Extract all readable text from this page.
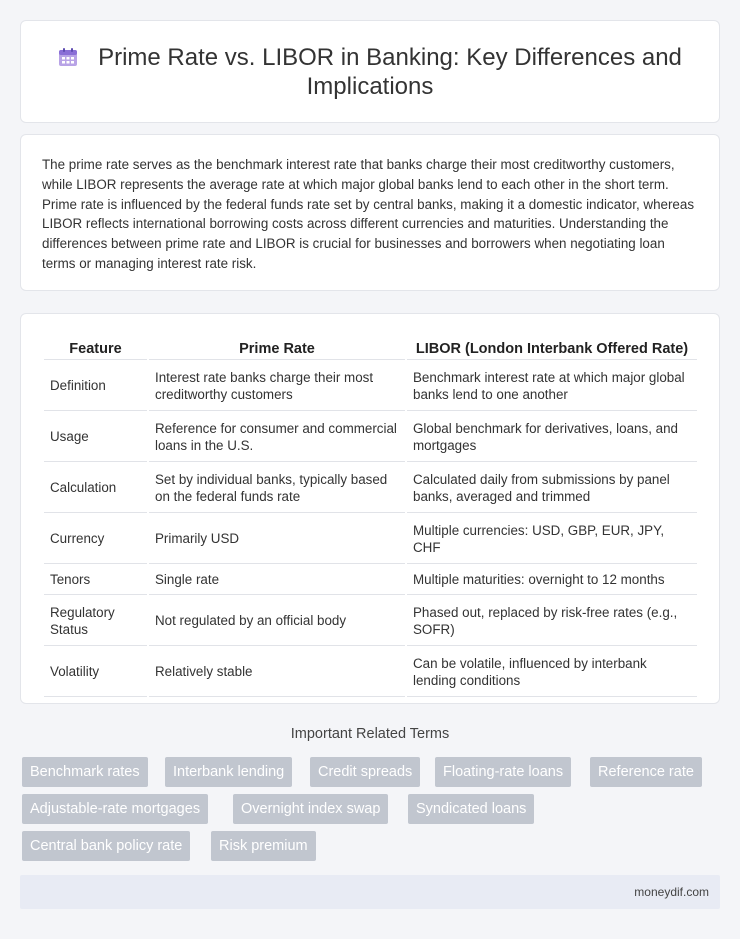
Prime Rate vs. LIBOR in Banking: Key Differences and Implications

The prime rate serves as the benchmark interest rate that banks charge their most creditworthy customers, while LIBOR represents the average rate at which major global banks lend to each other in the short term. Prime rate is influenced by the federal funds rate set by central banks, making it a domestic indicator, whereas LIBOR reflects international borrowing costs across different currencies and maturities. Understanding the differences between prime rate and LIBOR is crucial for businesses and borrowers when negotiating loan terms or managing interest rate risk.

Feature	Prime Rate	LIBOR (London Interbank Offered Rate)
Definition	Interest rate banks charge their most creditworthy customers	Benchmark interest rate at which major global banks lend to one another
Usage	Reference for consumer and commercial loans in the U.S.	Global benchmark for derivatives, loans, and mortgages
Calculation	Set by individual banks, typically based on the federal funds rate	Calculated daily from submissions by panel banks, averaged and trimmed
Currency	Primarily USD	Multiple currencies: USD, GBP, EUR, JPY, CHF
Tenors	Single rate	Multiple maturities: overnight to 12 months
Regulatory Status	Not regulated by an official body	Phased out, replaced by risk-free rates (e.g., SOFR)
Volatility	Relatively stable	Can be volatile, influenced by interbank lending conditions
Important Related Terms
Benchmark rates	Interbank lending	Credit spreads	Floating-rate loans	Reference rate
Adjustable-rate mortgages	Overnight index swap	Syndicated loans
Central bank policy rate	Risk premium
moneydif.com
